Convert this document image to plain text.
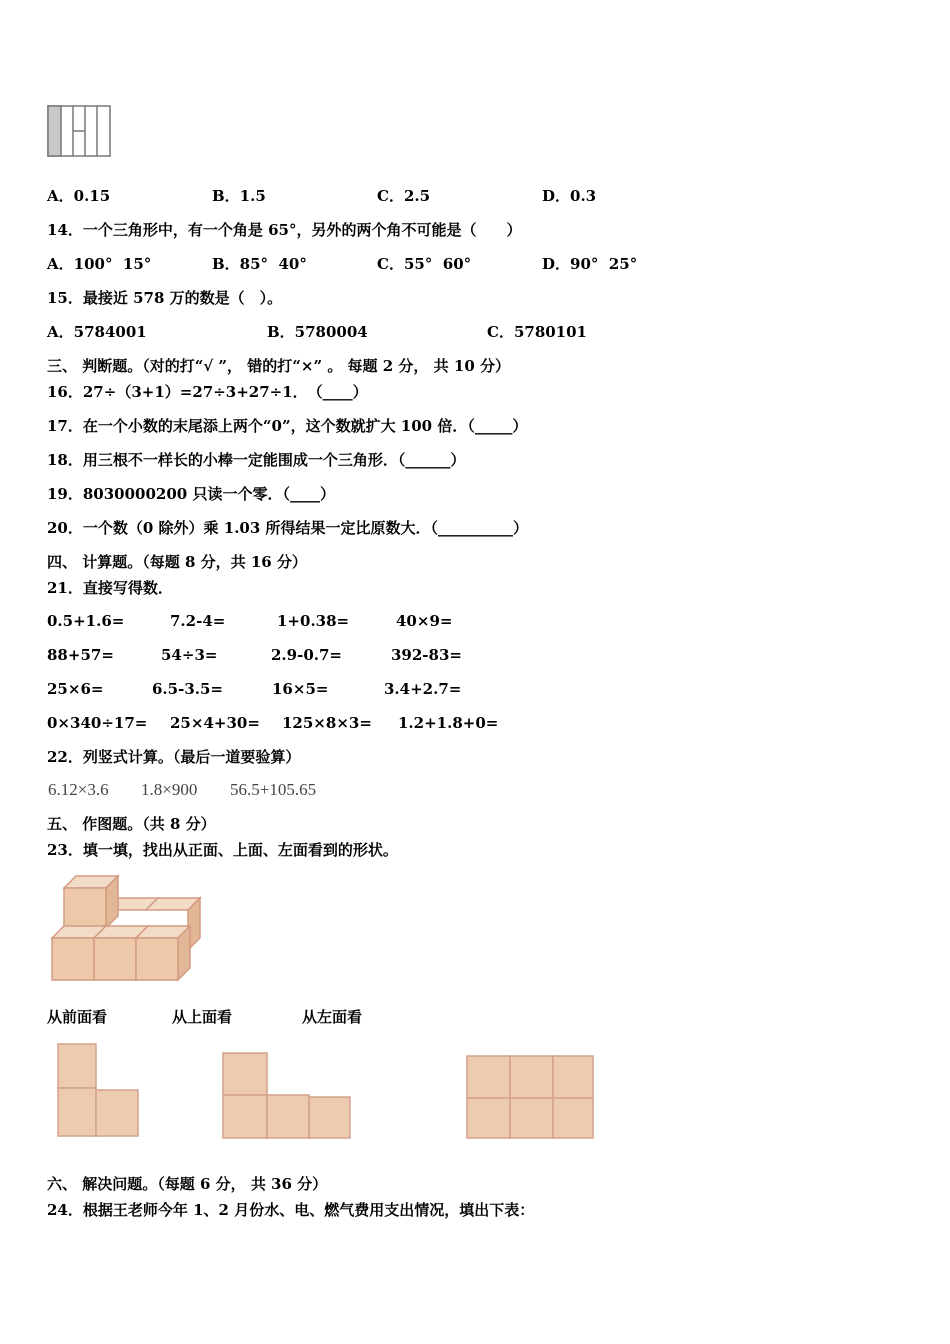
A．0.15	B．1.5	C．2.5	D．0.3
14．一个三角形中，有一个角是 65°，另外的两个角不可能是（　　）
A．100°  15°	B．85°  40°	C．55°  60°	D．90°  25°
15．最接近 578 万的数是（　）。
A．5784001	B．5780004	C．5780101
三、 判断题。（对的打“√ ”， 错的打“×” 。 每题 2 分， 共 10 分）
16．27÷（3+1）=27÷3+27÷1．　（____）
17．在一个小数的末尾添上两个“0”，这个数就扩大 100 倍．（_____）
18．用三根不一样长的小棒一定能围成一个三角形．（______）
19．8030000200 只读一个零．（____）
20．一个数（0 除外）乘 1.03 所得结果一定比原数大．（__________）
四、 计算题。（每题 8 分，共 16 分）
21．直接写得数．
0.5+1.6=	7.2-4=	1+0.38=	40×9=
88+57=	54÷3=	2.9-0.7=	392-83=
25×6=	6.5-3.5=	16×5=	3.4+2.7=
0×340÷17= 25×4+30= 125×8×3= 1.2+1.8+0=
22．列竖式计算。（最后一道要验算）
6.12×3.6 1.8×900 56.5+105.65
五、 作图题。（共 8 分）
23．填一填，找出从正面、上面、左面看到的形状。
从前面看	从上面看	从左面看
六、 解决问题。（每题 6 分， 共 36 分）
24．根据王老师今年 1、2 月份水、电、燃气费用支出情况，填出下表：
